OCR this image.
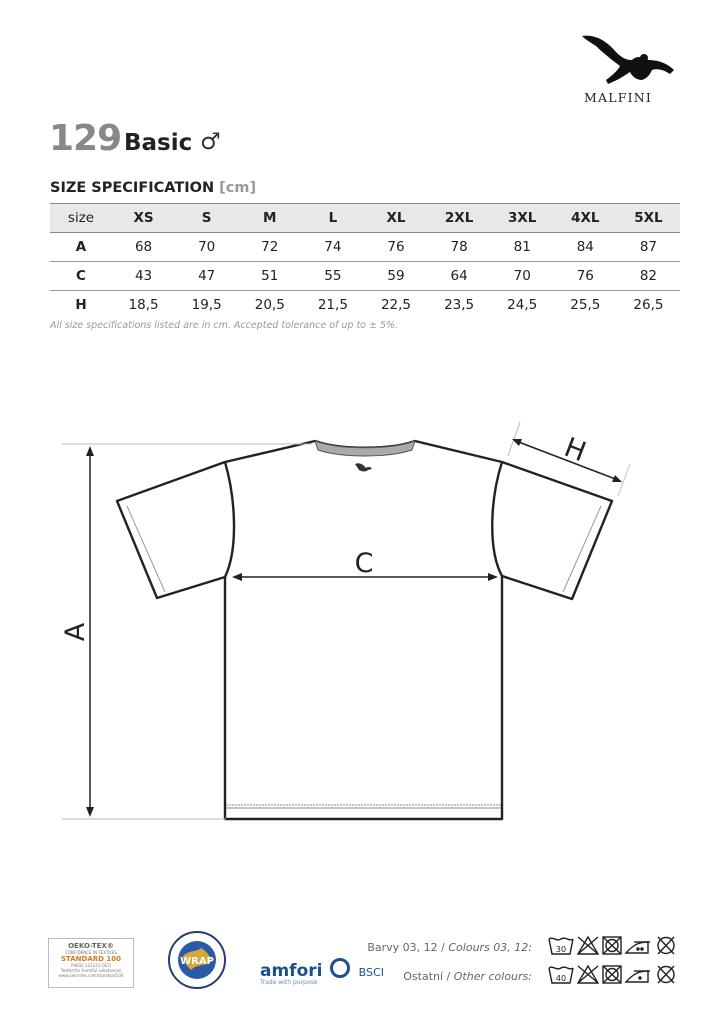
MALFINI
129 Basic ♂
SIZE SPECIFICATION [cm]
size	XS	S	M	L	XL	2XL	3XL	4XL	5XL
A	68	70	72	74	76	78	81	84	87
C	43	47	51	55	59	64	70	76	82
H	18,5	19,5	20,5	21,5	22,5	23,5	24,5	25,5	26,5
All size specifications listed are in cm. Accepted tolerance of up to ± 5%.
A
C
H
OEKO-TEX®
CONFIDENCE IN TEXTILES
STANDARD 100
P4932 131123 OETI
Tested for harmful substances
www.oeko-tex.com/standard100
WRAP	amfori	BSCI
Trade with purpose
Barvy 03, 12 / Colours 03, 12:
Ostatní / Other colours:
30
40
